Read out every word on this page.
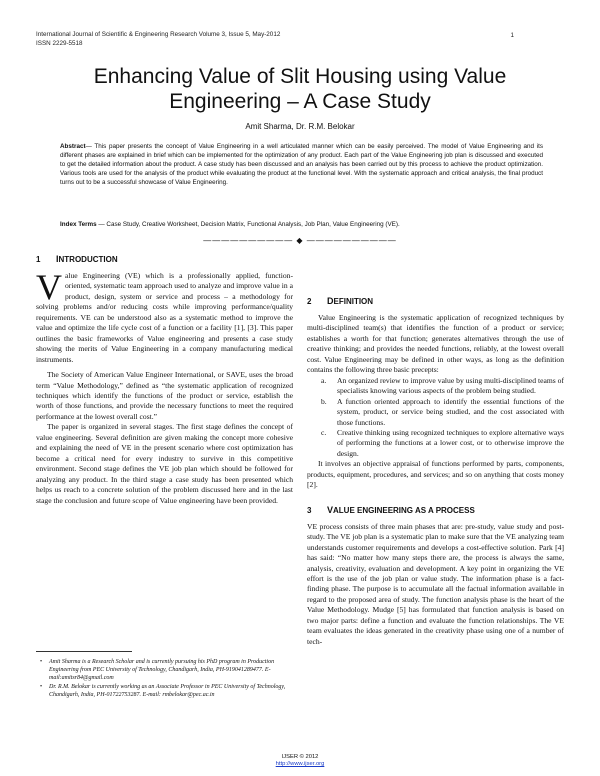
International Journal of Scientific & Engineering Research Volume 3, Issue 5, May-2012
ISSN 2229-5518
1
Enhancing Value of Slit Housing using Value
Engineering – A Case Study
Amit Sharma, Dr. R.M. Belokar
Abstract— This paper presents the concept of Value Engineering in a well articulated manner which can be easily perceived. The model of Value Engineering and its different phases are explained in brief which can be implemented for the optimization of any product. Each part of the Value Engineering job plan is discussed and executed to get the detailed information about the product. A case study has been discussed and an analysis has been carried out by this process to achieve the product optimization. Various tools are used for the analysis of the product while evaluating the product at the functional level. With the systematic approach and critical analysis, the final product turns out to be a successful showcase of Value Engineering.
Index Terms — Case Study, Creative Worksheet, Decision Matrix, Functional Analysis, Job Plan, Value Engineering (VE).
—————————— ◆ ——————————
1 INTRODUCTION

Value Engineering (VE) which is a professionally applied, function-oriented, systematic team approach used to analyze and improve value in a product, design, system or service and process – a methodology for solving problems and/or reducing costs while improving performance/quality requirements. VE can be understood also as a systematic method to improve the value and optimize the life cycle cost of a function or a facility [1], [3]. This paper outlines the basic frameworks of Value engineering and presents a case study showing the merits of Value Engineering in a company manufacturing medical instruments.

The Society of American Value Engineer International, or SAVE, uses the broad term “Value Methodology,” defined as “the systematic application of recognized techniques which identify the functions of the product or service, establish the worth of those functions, and provide the necessary functions to meet the required performance at the lowest overall cost.”

The paper is organized in several stages. The first stage defines the concept of value engineering. Several definition are given making the concept more cohesive and explaining the need of VE in the present scenario where cost optimization has become a critical need for every industry to survive in this competitive environment. Second stage defines the VE job plan which should be followed for analyzing any product. In the third stage a case study has been presented which helps us reach to a concrete solution of the problem discussed here and in the last stage the conclusion and future scope of Value engineering have been provided.

• Amit Sharma is a Research Scholar and is currently pursuing his PhD program in Production Engineering from PEC University of Technology, Chandigarh, India, PH-919041289477. E-mail:amitsr84@gmail.com
• Dr. R.M. Belokar is currently working as an Associate Professor in PEC University of Technology, Chandigarh, India, PH-01722753287. E-mail: rmbelokar@pec.ac.in
2 DEFINITION

Value Engineering is the systematic application of recognized techniques by multi-disciplined team(s) that identifies the function of a product or service; establishes a worth for that function; generates alternatives through the use of creative thinking; and provides the needed functions, reliably, at the lowest overall cost. Value Engineering may be defined in other ways, as long as the definition contains the following three basic precepts:

a. An organized review to improve value by using multi-disciplined teams of specialists knowing various aspects of the problem being studied.
b. A function oriented approach to identify the essential functions of the system, product, or service being studied, and the cost associated with those functions.
c. Creative thinking using recognized techniques to explore alternative ways of performing the functions at a lower cost, or to otherwise improve the design.

It involves an objective appraisal of functions performed by parts, components, products, equipment, procedures, and services; and so on anything that costs money [2].

3 VALUE ENGINEERING AS A PROCESS

VE process consists of three main phases that are: pre-study, value study and post-study. The VE job plan is a systematic plan to make sure that the VE analyzing team understands customer requirements and develops a cost-effective solution. Park [4] has said: “No matter how many steps there are, the process is always the same, analysis, creativity, evaluation and development. A key point in organizing the VE effort is the use of the job plan or value study. The information phase is a fact-finding phase. The purpose is to accumulate all the factual information available in regard to the proposed area of study. The function analysis phase is the heart of the Value Methodology. Mudge [5] has formulated that function analysis is based on two major parts: define a function and evaluate the function relationships. The VE team evaluates the ideas generated in the creativity phase using one of a number of tech-

IJSER © 2012
http://www.ijser.org
